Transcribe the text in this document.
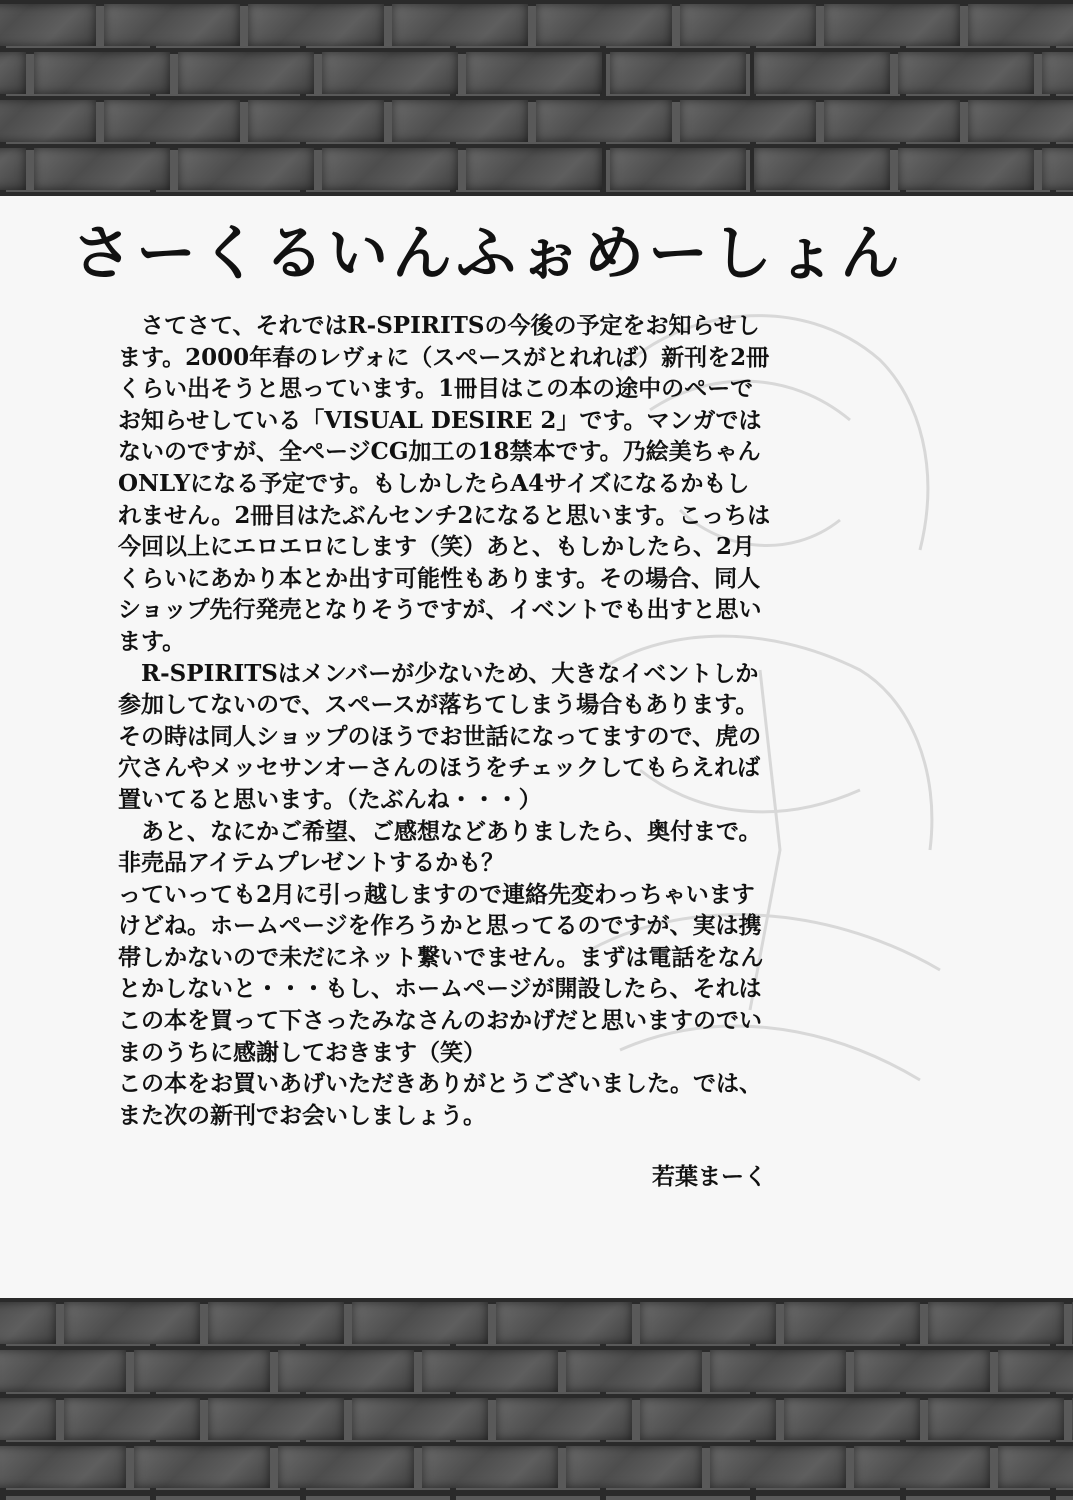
さーくるいんふぉめーしょん
　さてさて、それではR-SPIRITSの今後の予定をお知らせし
ます。2000年春のレヴォに（スペースがとれれば）新刊を2冊
くらい出そうと思っています。1冊目はこの本の途中のペーで
お知らせしている「VISUAL DESIRE 2」です。マンガでは
ないのですが、全ページCG加工の18禁本です。乃絵美ちゃん
ONLYになる予定です。もしかしたらA4サイズになるかもし
れません。2冊目はたぶんセンチ2になると思います。こっちは
今回以上にエロエロにします（笑）あと、もしかしたら、2月
くらいにあかり本とか出す可能性もあります。その場合、同人
ショップ先行発売となりそうですが、イベントでも出すと思い
ます。
　R-SPIRITSはメンバーが少ないため、大きなイベントしか
参加してないので、スペースが落ちてしまう場合もあります。
その時は同人ショップのほうでお世話になってますので、虎の
穴さんやメッセサンオーさんのほうをチェックしてもらえれば
置いてると思います。（たぶんね・・・）
　あと、なにかご希望、ご感想などありましたら、奥付まで。
非売品アイテムプレゼントするかも？
っていっても2月に引っ越しますので連絡先変わっちゃいます
けどね。ホームページを作ろうかと思ってるのですが、実は携
帯しかないので未だにネット繋いでません。まずは電話をなん
とかしないと・・・もし、ホームページが開設したら、それは
この本を買って下さったみなさんのおかげだと思いますのでい
まのうちに感謝しておきます（笑）
この本をお買いあげいただきありがとうございました。では、
また次の新刊でお会いしましょう。
若葉まーく
